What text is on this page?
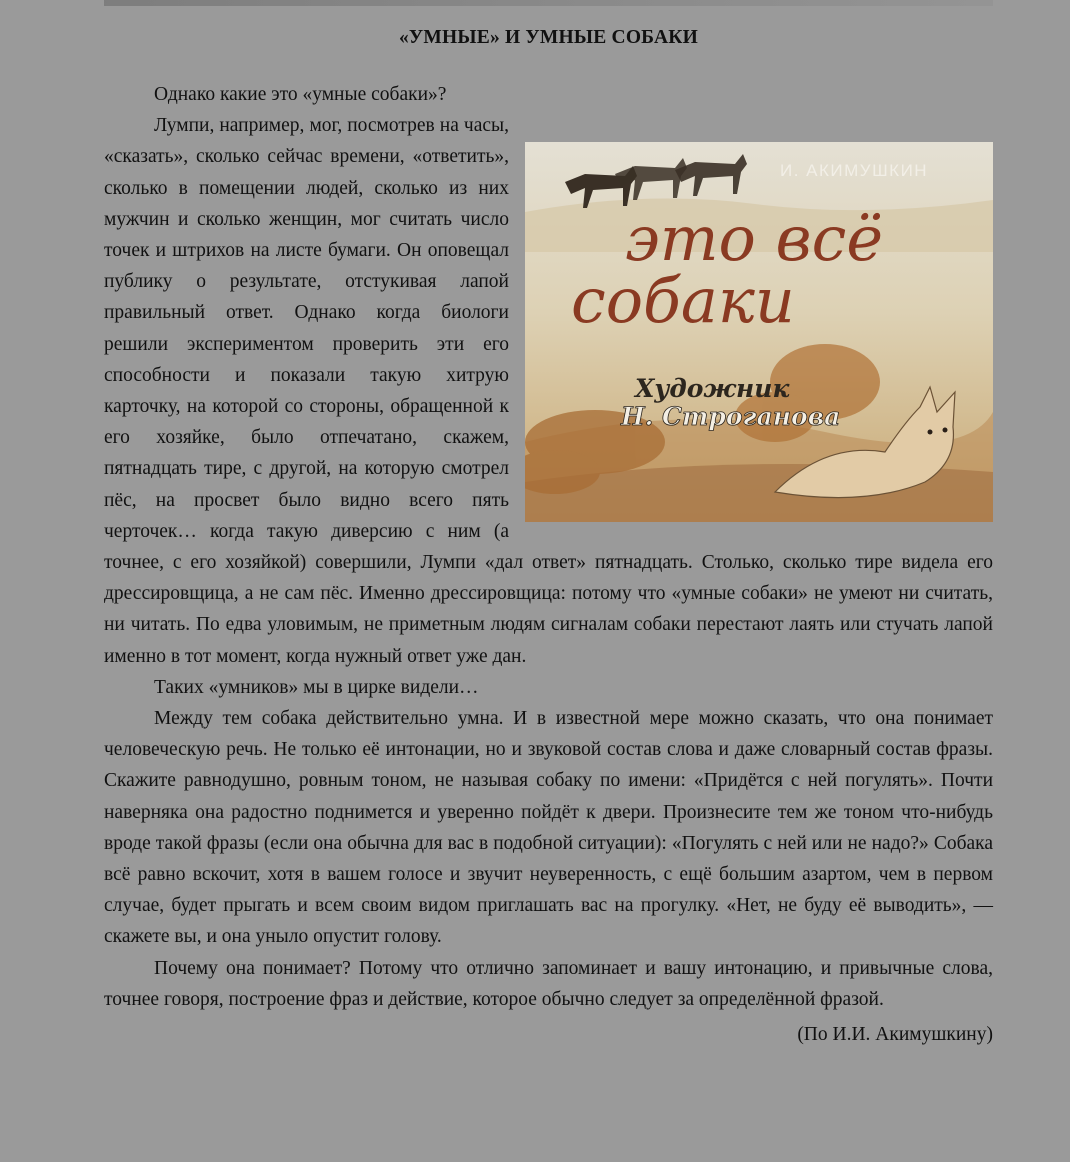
«УМНЫЕ» И УМНЫЕ СОБАКИ

Однако какие это «умные собаки»?

И. АКИМУШКИН
это всё
собаки
Художник
Н. Строганова

Лумпи, например, мог, посмотрев на часы, «сказать», сколько сейчас времени, «ответить», сколько в помещении людей, сколько из них мужчин и сколько женщин, мог считать число точек и штрихов на листе бумаги. Он оповещал публику о результате, отстукивая лапой правильный ответ. Однако когда биологи решили экспериментом проверить эти его способности и показали такую хитрую карточку, на которой со стороны, обращенной к его хозяйке, было отпечатано, скажем, пятнадцать тире, с другой, на которую смотрел пёс, на просвет было видно всего пять черточек… когда такую диверсию с ним (а точнее, с его хозяйкой) совершили, Лумпи «дал ответ» пятнадцать. Столько, сколько тире видела его дрессировщица, а не сам пёс. Именно дрессировщица: потому что «умные собаки» не умеют ни считать, ни читать. По едва уловимым, не приметным людям сигналам собаки перестают лаять или стучать лапой именно в тот момент, когда нужный ответ уже дан.

Таких «умников» мы в цирке видели…

Между тем собака действительно умна. И в известной мере можно сказать, что она понимает человеческую речь. Не только её интонации, но и звуковой состав слова и даже словарный состав фразы. Скажите равнодушно, ровным тоном, не называя собаку по имени: «Придётся с ней погулять». Почти наверняка она радостно поднимется и уверенно пойдёт к двери. Произнесите тем же тоном что-нибудь вроде такой фразы (если она обычна для вас в подобной ситуации): «Погулять с ней или не надо?» Собака всё равно вскочит, хотя в вашем голосе и звучит неуверенность, с ещё большим азартом, чем в первом случае, будет прыгать и всем своим видом приглашать вас на прогулку. «Нет, не буду её выводить», — скажете вы, и она уныло опустит голову.

Почему она понимает? Потому что отлично запоминает и вашу интонацию, и привычные слова, точнее говоря, построение фраз и действие, которое обычно следует за определённой фразой.

(По И.И. Акимушкину)
